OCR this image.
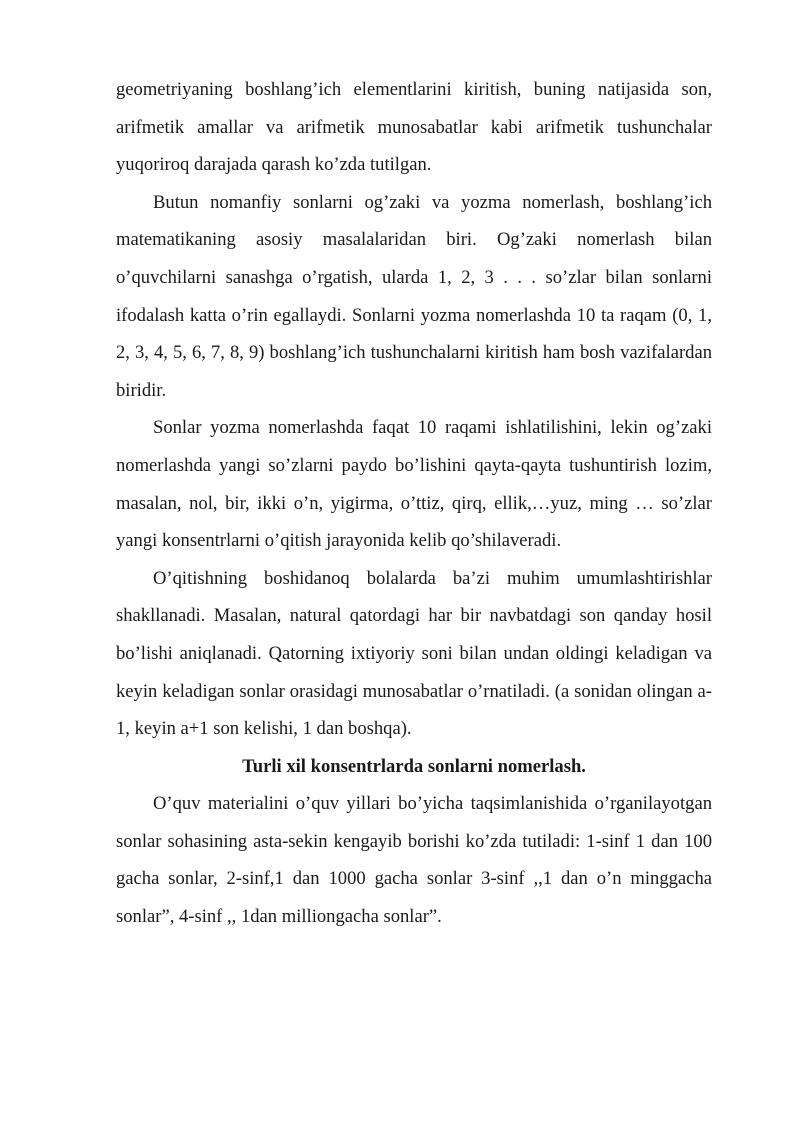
geometriyaning boshlang’ich elementlarini kiritish, buning natijasida son, arifmetik amallar va arifmetik munosabatlar kabi arifmetik tushunchalar yuqoriroq darajada qarash ko’zda tutilgan.

Butun nomanfiy sonlarni og’zaki va yozma nomerlash, boshlang’ich matematikaning asosiy masalalaridan biri. Og’zaki nomerlash bilan o’quvchilarni sanashga o’rgatish, ularda 1, 2, 3 . . . so’zlar bilan sonlarni ifodalash katta o’rin egallaydi. Sonlarni yozma nomerlashda 10 ta raqam (0, 1, 2, 3, 4, 5, 6, 7, 8, 9) boshlang’ich tushunchalarni kiritish ham bosh vazifalardan biridir.

Sonlar yozma nomerlashda faqat 10 raqami ishlatilishini, lekin og’zaki nomerlashda yangi so’zlarni paydo bo’lishini qayta-qayta tushuntirish lozim, masalan, nol, bir, ikki o’n, yigirma, o’ttiz, qirq, ellik,…yuz, ming … so’zlar yangi konsentrlarni o’qitish jarayonida kelib qo’shilaveradi.

O’qitishning boshidanoq bolalarda ba’zi muhim umumlashtirishlar shakllanadi. Masalan, natural qatordagi har bir navbatdagi son qanday hosil bo’lishi aniqlanadi. Qatorning ixtiyoriy soni bilan undan oldingi keladigan va keyin keladigan sonlar orasidagi munosabatlar o’rnatiladi. (a sonidan olingan a-1, keyin a+1 son kelishi, 1 dan boshqa).

Turli xil konsentrlarda sonlarni nomerlash.

O’quv materialini o’quv yillari bo’yicha taqsimlanishida o’rganilayotgan sonlar sohasining asta-sekin kengayib borishi ko’zda tutiladi: 1-sinf 1 dan 100 gacha sonlar, 2-sinf,1 dan 1000 gacha sonlar 3-sinf ,,1 dan o’n minggacha sonlar”, 4-sinf ,, 1dan milliongacha sonlar”.
